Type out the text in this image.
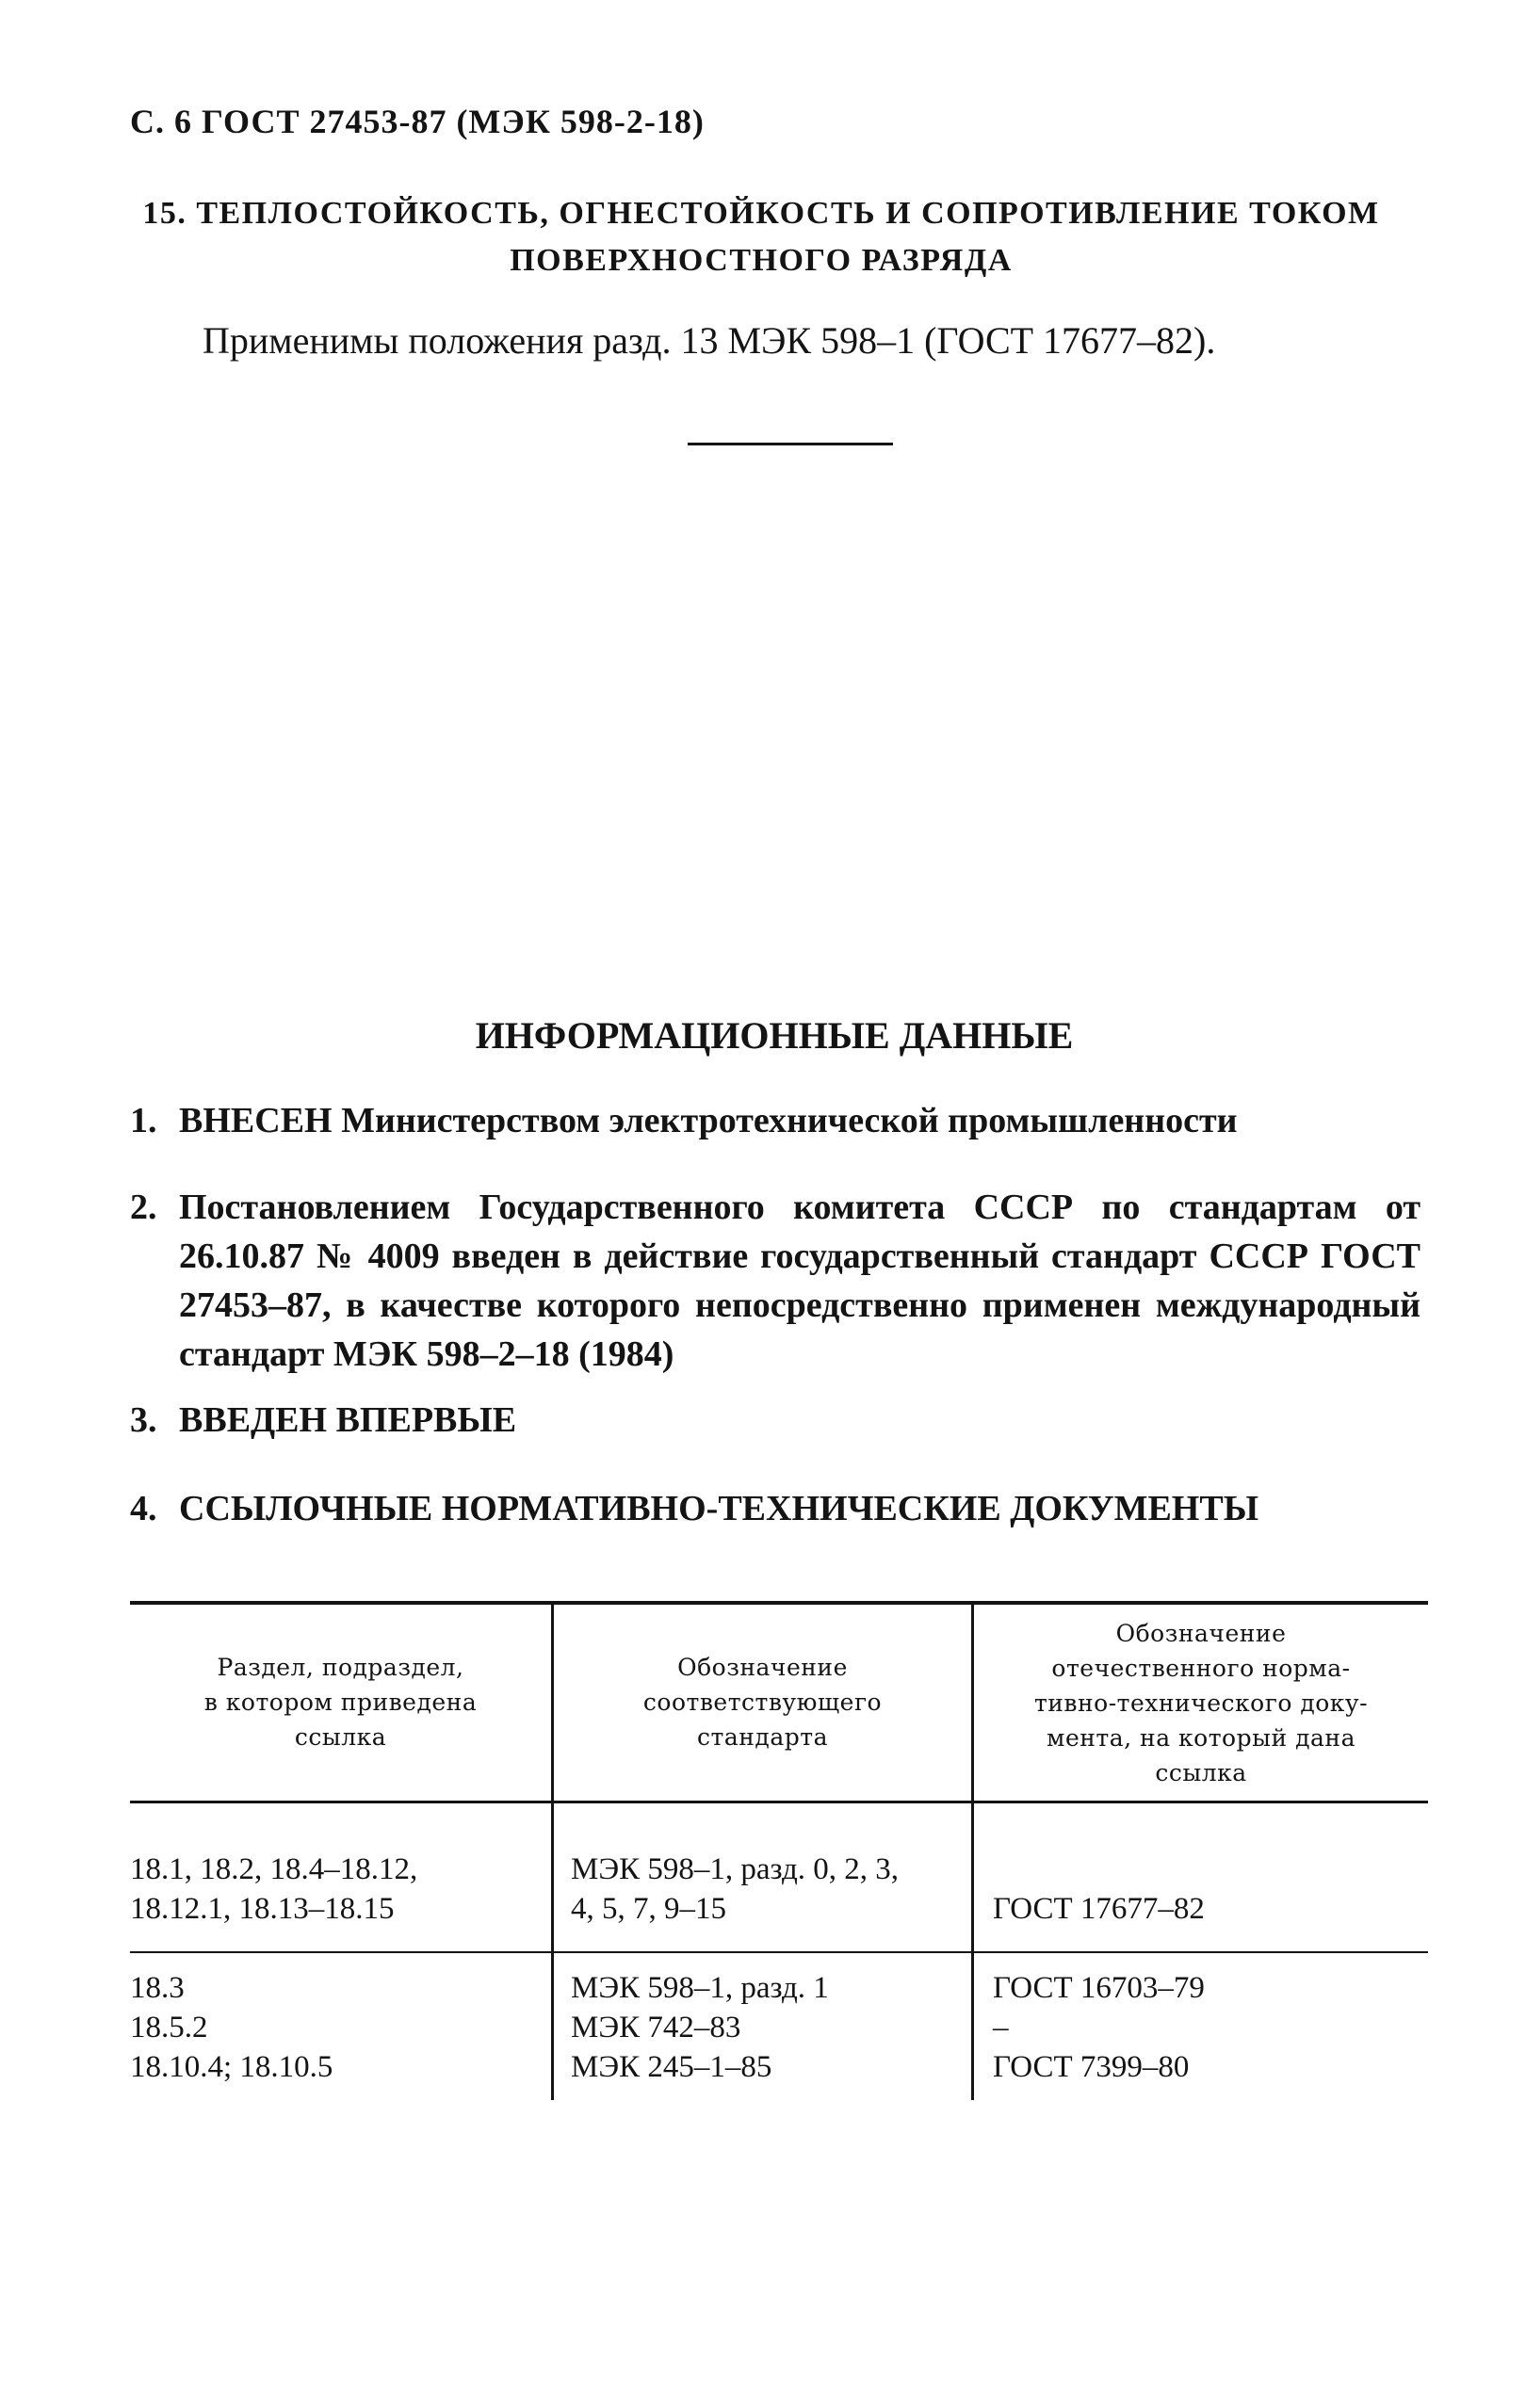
С. 6 ГОСТ 27453-87 (МЭК 598-2-18)
15. ТЕПЛОСТОЙКОСТЬ, ОГНЕСТОЙКОСТЬ И СОПРОТИВЛЕНИЕ ТОКОМ
ПОВЕРХНОСТНОГО РАЗРЯДА
Применимы положения разд. 13 МЭК 598–1 (ГОСТ 17677–82).
ИНФОРМАЦИОННЫЕ ДАННЫЕ
1. ВНЕСЕН Министерством электротехнической промышленности
2. Постановлением Государственного комитета СССР по стандартам от 26.10.87 № 4009 введен в действие государственный стандарт СССР ГОСТ 27453–87, в качестве которого непосредственно применен международный стандарт МЭК 598–2–18 (1984)
3. ВВЕДЕН ВПЕРВЫЕ
4. ССЫЛОЧНЫЕ НОРМАТИВНО-ТЕХНИЧЕСКИЕ ДОКУМЕНТЫ
Раздел, подраздел,
в котором приведена
ссылка
Обозначение
соответствующего
стандарта
Обозначение
отечественного норма-
тивно-технического доку-
мента, на который дана
ссылка
18.1, 18.2, 18.4–18.12,
18.12.1, 18.13–18.15
МЭК 598–1, разд. 0, 2, 3,
4, 5, 7, 9–15	
ГОСТ 17677–82
18.3
18.5.2
18.10.4; 18.10.5
МЭК 598–1, разд. 1
МЭК 742–83
МЭК 245–1–85
ГОСТ 16703–79
–
ГОСТ 7399–80
